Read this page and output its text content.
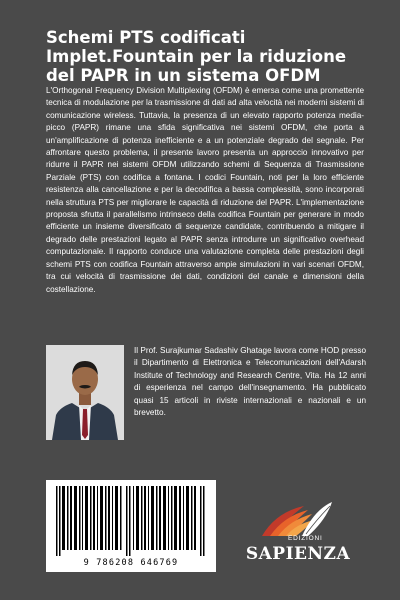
Schemi PTS codificati Implet.Fountain per la riduzione del PAPR in un sistema OFDM

L'Orthogonal Frequency Division Multiplexing (OFDM) è emersa come una promettente tecnica di modulazione per la trasmissione di dati ad alta velocità nei moderni sistemi di comunicazione wireless. Tuttavia, la presenza di un elevato rapporto potenza media-picco (PAPR) rimane una sfida significativa nei sistemi OFDM, che porta a un'amplificazione di potenza inefficiente e a un potenziale degrado del segnale. Per affrontare questo problema, il presente lavoro presenta un approccio innovativo per ridurre il PAPR nei sistemi OFDM utilizzando schemi di Sequenza di Trasmissione Parziale (PTS) con codifica a fontana. I codici Fountain, noti per la loro efficiente resistenza alla cancellazione e per la decodifica a bassa complessità, sono incorporati nella struttura PTS per migliorare le capacità di riduzione del PAPR. L'implementazione proposta sfrutta il parallelismo intrinseco della codifica Fountain per generare in modo efficiente un insieme diversificato di sequenze candidate, contribuendo a mitigare il degrado delle prestazioni legato al PAPR senza introdurre un significativo overhead computazionale. Il rapporto conduce una valutazione completa delle prestazioni degli schemi PTS con codifica Fountain attraverso ampie simulazioni in vari scenari OFDM, tra cui velocità di trasmissione dei dati, condizioni del canale e dimensioni della costellazione.

Il Prof. Surajkumar Sadashiv Ghatage lavora come HOD presso il Dipartimento di Elettronica e Telecomunicazioni dell'Adarsh Institute of Technology and Research Centre, Vita. Ha 12 anni di esperienza nel campo dell'insegnamento. Ha pubblicato quasi 15 articoli in riviste internazionali e nazionali e un brevetto.

9 786208 646769
EDIZIONI
SAPIENZA
